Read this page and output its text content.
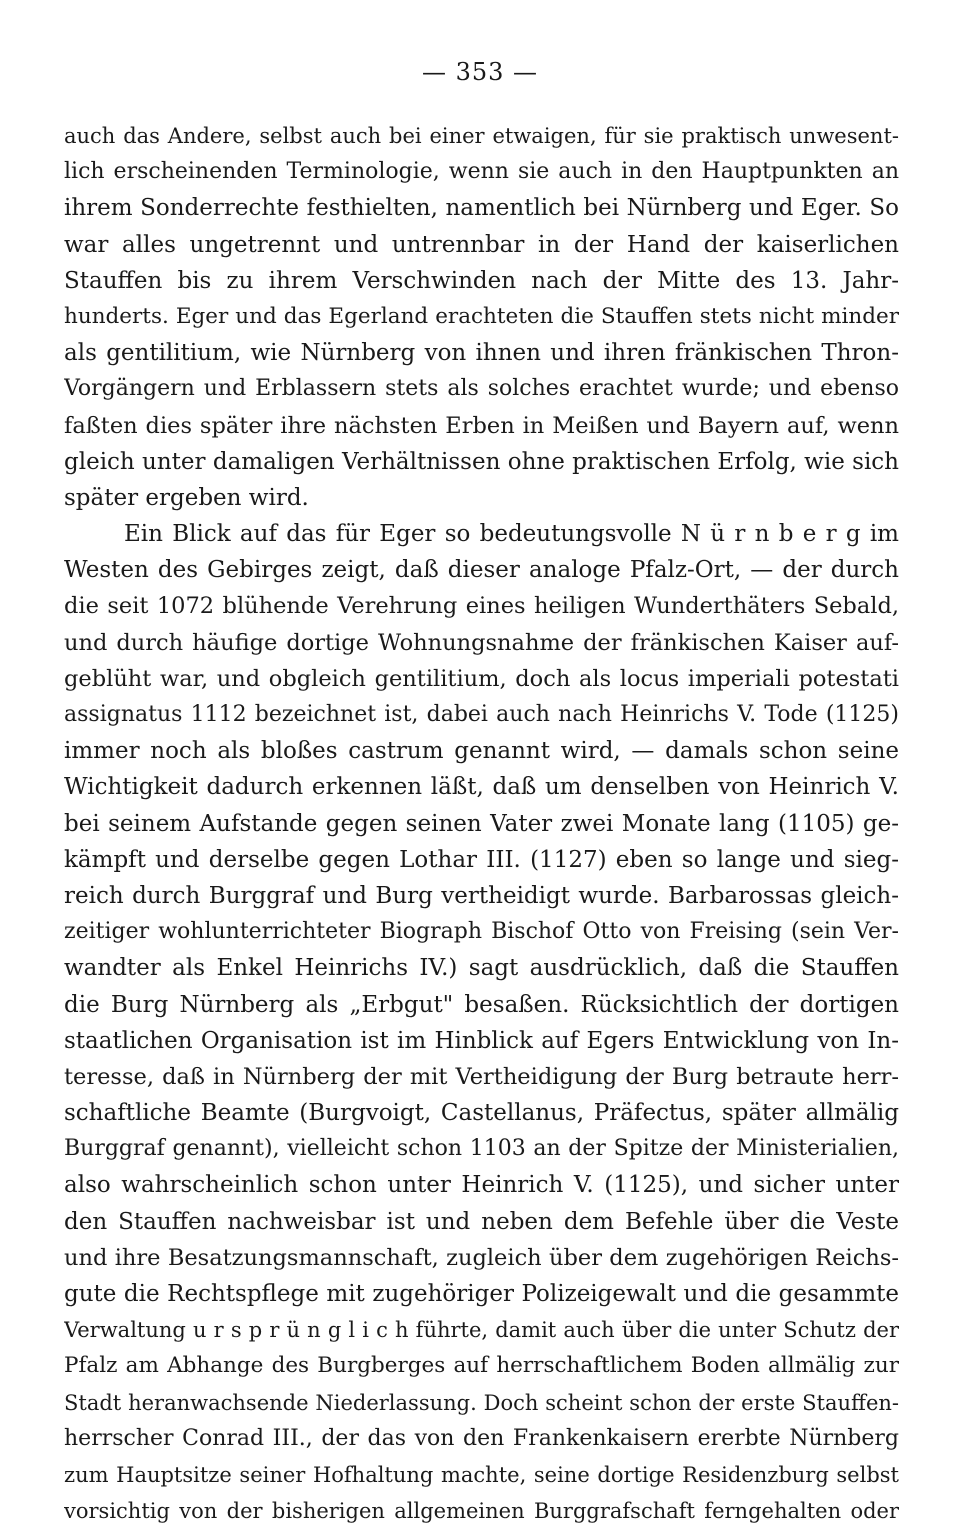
— 353 —
auch das Andere, selbst auch bei einer etwaigen, für sie praktisch unwesent-
lich erscheinenden Terminologie, wenn sie auch in den Hauptpunkten an
ihrem Sonderrechte festhielten, namentlich bei Nürnberg und Eger. So
war alles ungetrennt und untrennbar in der Hand der kaiserlichen
Stauffen bis zu ihrem Verschwinden nach der Mitte des 13. Jahr-
hunderts. Eger und das Egerland erachteten die Stauffen stets nicht minder
als gentilitium, wie Nürnberg von ihnen und ihren fränkischen Thron-
Vorgängern und Erblassern stets als solches erachtet wurde; und ebenso
faßten dies später ihre nächsten Erben in Meißen und Bayern auf, wenn
gleich unter damaligen Verhältnissen ohne praktischen Erfolg, wie sich
später ergeben wird.
Ein Blick auf das für Eger so bedeutungsvolle N ü r n b e r g im
Westen des Gebirges zeigt, daß dieser analoge Pfalz-Ort, — der durch
die seit 1072 blühende Verehrung eines heiligen Wunderthäters Sebald,
und durch häufige dortige Wohnungsnahme der fränkischen Kaiser auf-
geblüht war, und obgleich gentilitium, doch als locus imperiali potestati
assignatus 1112 bezeichnet ist, dabei auch nach Heinrichs V. Tode (1125)
immer noch als bloßes castrum genannt wird, — damals schon seine
Wichtigkeit dadurch erkennen läßt, daß um denselben von Heinrich V.
bei seinem Aufstande gegen seinen Vater zwei Monate lang (1105) ge-
kämpft und derselbe gegen Lothar III. (1127) eben so lange und sieg-
reich durch Burggraf und Burg vertheidigt wurde. Barbarossas gleich-
zeitiger wohlunterrichteter Biograph Bischof Otto von Freising (sein Ver-
wandter als Enkel Heinrichs IV.) sagt ausdrücklich, daß die Stauffen
die Burg Nürnberg als „Erbgut" besaßen. Rücksichtlich der dortigen
staatlichen Organisation ist im Hinblick auf Egers Entwicklung von In-
teresse, daß in Nürnberg der mit Vertheidigung der Burg betraute herr-
schaftliche Beamte (Burgvoigt, Castellanus, Präfectus, später allmälig
Burggraf genannt), vielleicht schon 1103 an der Spitze der Ministerialien,
also wahrscheinlich schon unter Heinrich V. (1125), und sicher unter
den Stauffen nachweisbar ist und neben dem Befehle über die Veste
und ihre Besatzungsmannschaft, zugleich über dem zugehörigen Reichs-
gute die Rechtspflege mit zugehöriger Polizeigewalt und die gesammte
Verwaltung u r s p r ü n g l i c h führte, damit auch über die unter Schutz der
Pfalz am Abhange des Burgberges auf herrschaftlichem Boden allmälig zur
Stadt heranwachsende Niederlassung. Doch scheint schon der erste Stauffen-
herrscher Conrad III., der das von den Frankenkaisern ererbte Nürnberg
zum Hauptsitze seiner Hofhaltung machte, seine dortige Residenzburg selbst
vorsichtig von der bisherigen allgemeinen Burggrafschaft ferngehalten oder
